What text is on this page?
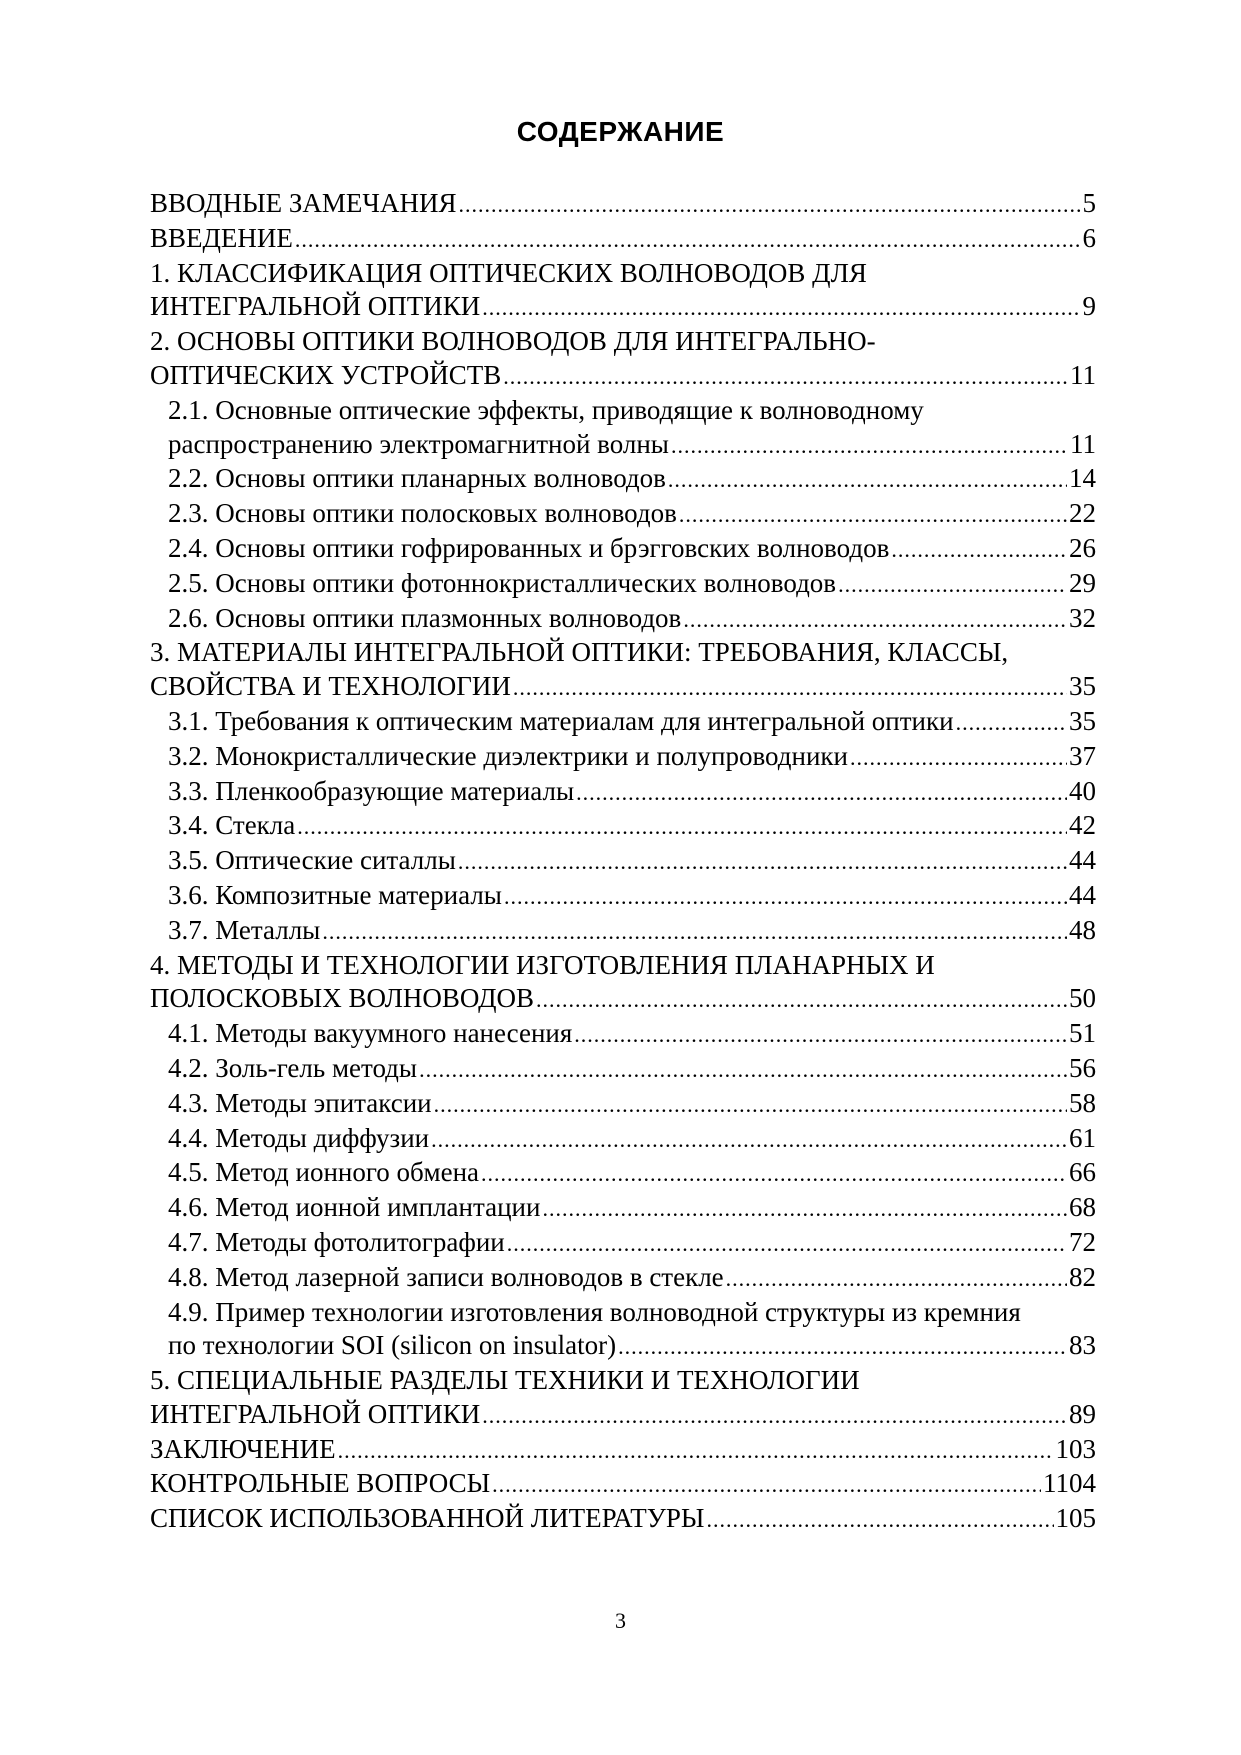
СОДЕРЖАНИЕ
ВВОДНЫЕ ЗАМЕЧАНИЯ .....	5
ВВЕДЕНИЕ .....	6
1. КЛАССИФИКАЦИЯ ОПТИЧЕСКИХ ВОЛНОВОДОВ ДЛЯ
ИНТЕГРАЛЬНОЙ ОПТИКИ .....	9
2. ОСНОВЫ ОПТИКИ ВОЛНОВОДОВ ДЛЯ ИНТЕГРАЛЬНО-
ОПТИЧЕСКИХ УСТРОЙСТВ .....	11
2.1. Основные оптические эффекты, приводящие к волноводному
распространению электромагнитной волны .....	11
2.2. Основы оптики планарных волноводов .....	14
2.3. Основы оптики полосковых волноводов .....	22
2.4. Основы оптики гофрированных и брэгговских волноводов .....	26
2.5. Основы оптики фотоннокристаллических волноводов .....	29
2.6. Основы оптики плазмонных волноводов .....	32
3. МАТЕРИАЛЫ ИНТЕГРАЛЬНОЙ ОПТИКИ: ТРЕБОВАНИЯ, КЛАССЫ,
СВОЙСТВА И ТЕХНОЛОГИИ .....	35
3.1. Требования к оптическим материалам для интегральной оптики .....	35
3.2. Монокристаллические диэлектрики и полупроводники .....	37
3.3. Пленкообразующие материалы .....	40
3.4. Стекла .....	42
3.5. Оптические ситаллы .....	44
3.6. Композитные материалы .....	44
3.7. Металлы .....	48
4. МЕТОДЫ И ТЕХНОЛОГИИ ИЗГОТОВЛЕНИЯ ПЛАНАРНЫХ И
ПОЛОСКОВЫХ ВОЛНОВОДОВ .....	50
4.1. Методы вакуумного нанесения .....	51
4.2. Золь-гель методы .....	56
4.3. Методы эпитаксии .....	58
4.4. Методы диффузии .....	61
4.5. Метод ионного обмена .....	66
4.6. Метод ионной имплантации .....	68
4.7. Методы фотолитографии .....	72
4.8. Метод лазерной записи волноводов в стекле .....	82
4.9. Пример технологии изготовления волноводной структуры из кремния
по технологии SOI (silicon on insulator) .....	83
5. СПЕЦИАЛЬНЫЕ РАЗДЕЛЫ ТЕХНИКИ И ТЕХНОЛОГИИ
ИНТЕГРАЛЬНОЙ ОПТИКИ .....	89
ЗАКЛЮЧЕНИЕ .....	103
КОНТРОЛЬНЫЕ ВОПРОСЫ .....	1104
СПИСОК ИСПОЛЬЗОВАННОЙ ЛИТЕРАТУРЫ .....	105
3
